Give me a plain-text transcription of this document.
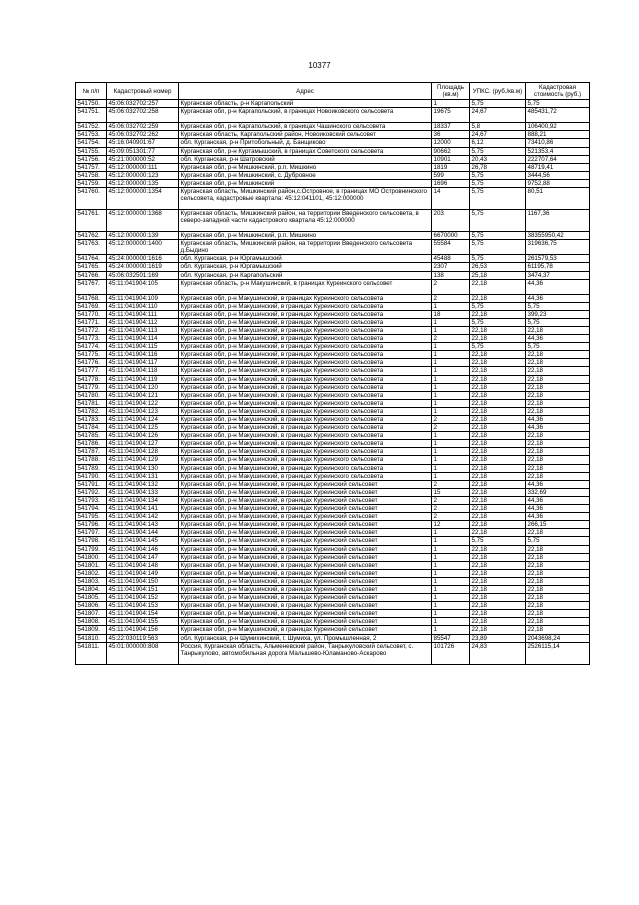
10377
№ п/п	Кадастровый номер	Адрес	Площадь (кв.м)	УПКС. (руб./кв.м)	Кадастровая стоимость (руб.)
541750.	45:06:032702:257	Курганская область, р-н Каргапольский	1	5,75	5,75
541751.	45:06:032702:258	Курганская обл, р-н Каргапольский, в границах Новоиковского сельсовета	19675	24,67	485431,72
541752.	45:06:032702:259	Курганская обл, р-н Каргапольский, в границах Чашинского сельсовета	18337	5,8	106400,92
541753.	45:06:032702:262	Курганская область, Каргапольский район, Новоиковский сельсовет	36	24,67	888,21
541754.	45:16:040901:67	обл. Курганская, р-н Притобольный, д. Банщиково	12000	6,12	73410,86
541755.	45:09:051301:77	Курганская обл, р-н Куртамышский, в границах Советского сельсовета	90662	5,75	521353,4
541756.	45:21:000000:52	обл. Курганская, р-н Шатровский	10901	20,43	222707,64
541757.	45:12:000000:111	Курганская обл, р-н Мишкинский, р.п. Мишкино	1819	26,78	48719,41
541758.	45:12:000000:123	Курганская обл, р-н Мишкинский, с. Дубровное	599	5,75	3444,56
541759.	45:12:000000:135	Курганская обл, р-н Мишкинский	1696	5,75	9752,88
541760.	45:12:000000:1354	Курганская область, Мишкинский район,с.Островное, в границах МО Островнинского сельсовета, кадастровые квартала: 45:12:041101, 45:12:000000	14	5,75	80,51
541761.	45:12:000000:1368	Курганская область, Мишкинский район, на территории Введенского сельсовета, в северо-западной части кадастрового квартала 45:12:000000	203	5,75	1167,36
541762.	45:12:000000:139	Курганская обл, р-н Мишкинский, р.п. Мишкино	6670000	5,75	38355950,42
541763.	45:12:000000:1400	Курганская область, Мишкинский район, на территории Введенского сельсовета д.Быдино	55584	5,75	319636,75
541764.	45:24:000000:1616	обл. Курганская, р-н Юргамышский	45488	5,75	261579,53
541765.	45:24:000000:1619	обл. Курганская, р-н Юргамышский	2307	26,53	61195,78
541766.	45:06:032501:169	обл. Курганская, р-н Каргапольский	138	25,18	3474,37
541767.	45:11:041904:105	Курганская область, р-н Макушинский, в границах Куреинского сельсовет	2	22,18	44,36
541768.	45:11:041904:109	Курганская обл, р-н Макушинский, в границах Куреинского сельсовета	2	22,18	44,36
541769.	45:11:041904:110	Курганская обл, р-н Макушинский, в границах Куреинского сельсовета	1	5,75	5,75
541770.	45:11:041904:111	Курганская обл, р-н Макушинский, в границах Куреинского сельсовета	18	22,18	399,23
541771.	45:11:041904:112	Курганская обл, р-н Макушинский, в границах Куреинского сельсовета	1	5,75	5,75
541772.	45:11:041904:113	Курганская обл, р-н Макушинский, в границах Куреинского сельсовета	1	22,18	22,18
541773.	45:11:041904:114	Курганская обл, р-н Макушинский, в границах Куреинского сельсовета	2	22,18	44,36
541774.	45:11:041904:115	Курганская обл, р-н Макушинский, в границах Куреинского сельсовета	1	5,75	5,75
541775.	45:11:041904:116	Курганская обл, р-н Макушинский, в границах Куреинского сельсовета	1	22,18	22,18
541776.	45:11:041904:117	Курганская обл, р-н Макушинский, в границах Куреинского сельсовета	1	22,18	22,18
541777.	45:11:041904:118	Курганская обл, р-н Макушинский, в границах Куреинского сельсовета	1	22,18	22,18
541778.	45:11:041904:119	Курганская обл, р-н Макушинский, в границах Куреинского сельсовета	1	22,18	22,18
541779.	45:11:041904:120	Курганская обл, р-н Макушинский, в границах Куреинского сельсовета	1	22,18	22,18
541780.	45:11:041904:121	Курганская обл, р-н Макушинский, в границах Куреинского сельсовета	1	22,18	22,18
541781.	45:11:041904:122	Курганская обл, р-н Макушинский, в границах Куреинского сельсовета	1	22,18	22,18
541782.	45:11:041904:123	Курганская обл, р-н Макушинский, в границах Куреинского сельсовета	1	22,18	22,18
541783.	45:11:041904:124	Курганская обл, р-н Макушинский, в границах Куреинского сельсовета	2	22,18	44,36
541784.	45:11:041904:125	Курганская обл, р-н Макушинский, в границах Куреинского сельсовета	2	22,18	44,36
541785.	45:11:041904:126	Курганская обл, р-н Макушинский, в границах Куреинского сельсовета	1	22,18	22,18
541786.	45:11:041904:127	Курганская обл, р-н Макушинский, в границах Куреинского сельсовета	1	22,18	22,18
541787.	45:11:041904:128	Курганская обл, р-н Макушинский, в границах Куреинского сельсовета	1	22,18	22,18
541788.	45:11:041904:129	Курганская обл, р-н Макушинский, в границах Куреинского сельсовета	1	22,18	22,18
541789.	45:11:041904:130	Курганская обл, р-н Макушинский, в границах Куреинского сельсовета	1	22,18	22,18
541790.	45:11:041904:131	Курганская обл, р-н Макушинский, в границах Куреинского сельсовета	1	22,18	22,18
541791.	45:11:041904:132	Курганская обл, р-н Макушинский, в границах Куреинский сельсовет	2	22,18	44,36
541792.	45:11:041904:133	Курганская обл, р-н Макушинский, в границах Куреинский сельсовет	15	22,18	332,69
541793.	45:11:041904:134	Курганская обл, р-н Макушинский, в границах Куреинский сельсовет	2	22,18	44,36
541794.	45:11:041904:141	Курганская обл, р-н Макушинский, в границах Куреинский сельсовет	2	22,18	44,36
541795.	45:11:041904:142	Курганская обл, р-н Макушинский, в границах Куреинский сельсовет	2	22,18	44,36
541796.	45:11:041904:143	Курганская обл, р-н Макушинский, в границах Куреинский сельсовет	12	22,18	266,15
541797.	45:11:041904:144	Курганская обл, р-н Макушинский, в границах Куреинский сельсовет	1	22,18	22,18
541798.	45:11:041904:145	Курганская обл, р-н Макушинский, в границах Куреинский сельсовет	1	5,75	5,75
541799.	45:11:041904:146	Курганская обл, р-н Макушинский, в границах Куреинский сельсовет	1	22,18	22,18
541800.	45:11:041904:147	Курганская обл, р-н Макушинский, в границах Куреинский сельсовет	1	22,18	22,18
541801.	45:11:041904:148	Курганская обл, р-н Макушинский, в границах Куреинский сельсовет	1	22,18	22,18
541802.	45:11:041904:149	Курганская обл, р-н Макушинский, в границах Куреинский сельсовет	1	22,18	22,18
541803.	45:11:041904:150	Курганская обл, р-н Макушинский, в границах Куреинский сельсовет	1	22,18	22,18
541804.	45:11:041904:151	Курганская обл, р-н Макушинский, в границах Куреинский сельсовет	1	22,18	22,18
541805.	45:11:041904:152	Курганская обл, р-н Макушинский, в границах Куреинский сельсовет	1	22,18	22,18
541806.	45:11:041904:153	Курганская обл, р-н Макушинский, в границах Куреинский сельсовет	1	22,18	22,18
541807.	45:11:041904:154	Курганская обл, р-н Макушинский, в границах Куреинский сельсовет	1	22,18	22,18
541808.	45:11:041904:155	Курганская обл, р-н Макушинский, в границах Куреинский сельсовет	1	22,18	22,18
541809.	45:11:041904:156	Курганская обл, р-н Макушинский, в границах Куреинский сельсовет	1	22,18	22,18
541810.	45:22:030119:563	обл. Курганская, р-н Шумихинский, г. Шумиха, ул. Промышленная, 2	85547	23,89	2043698,24
541811.	45:01:000000:808	Россия, Курганская область, Альменевский район, Танрыкуловский сельсовет, с. Танрыкулово, автомобильная дорога Малышево-Юламаново-Аскарово	101726	24,83	2526115,14
